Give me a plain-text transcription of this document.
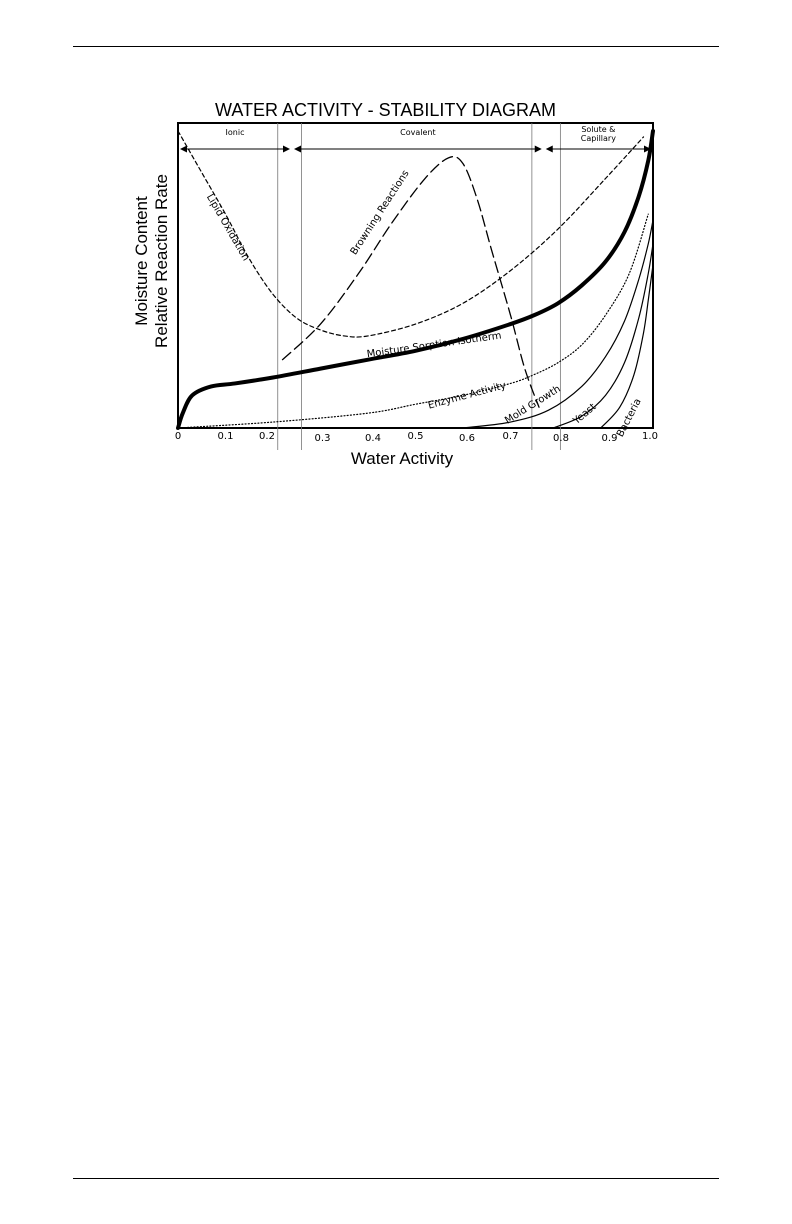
WATER ACTIVITY - STABILITY DIAGRAM
Ionic	Covalent	Solute & Capillary
Lipid Oxidation	Browning Reactions
Moisture Sorption Isotherm
Enzyme Activity
Mold Growth Yeast Bacteria
0	0.1	0.2	0.3	0.4	0.5	0.6	0.7	0.8	0.9 1.0
Water Activity
Moisture Content Relative Reaction Rate
